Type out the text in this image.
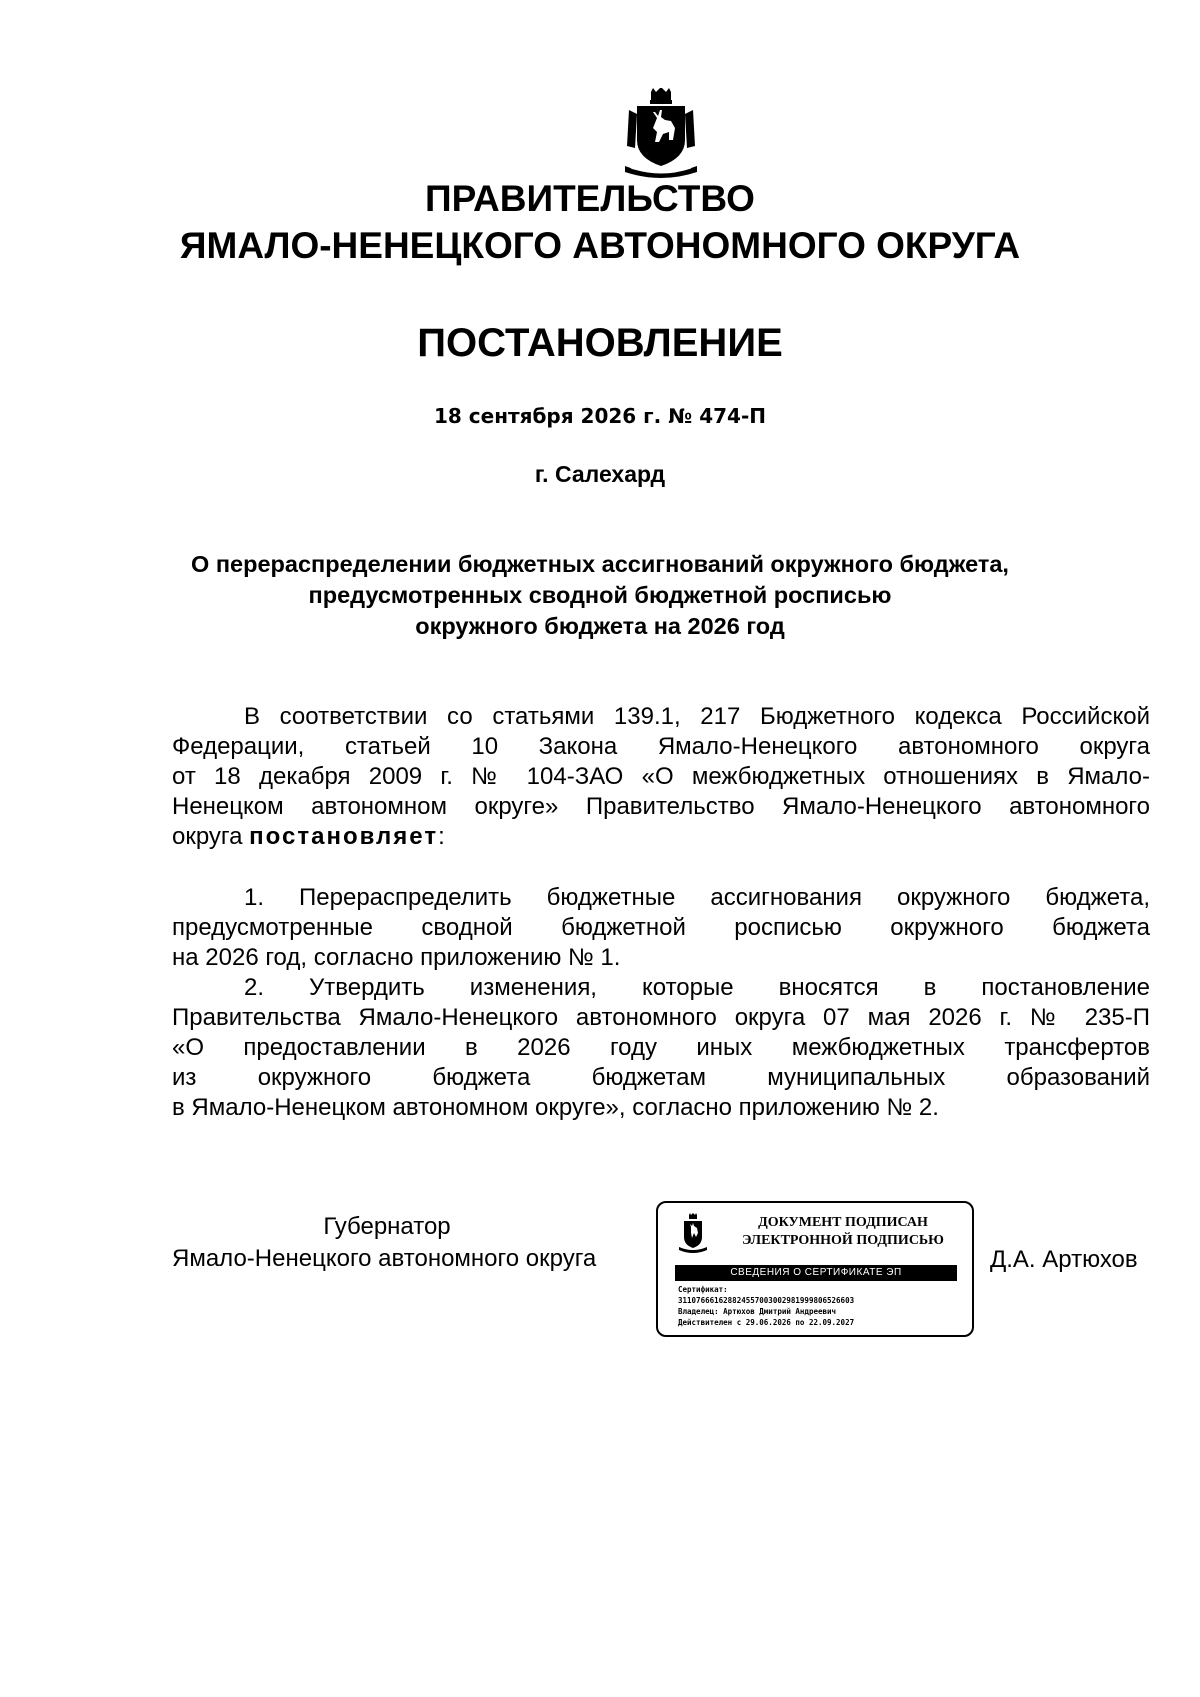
ПРАВИТЕЛЬСТВО
ЯМАЛО-НЕНЕЦКОГО АВТОНОМНОГО ОКРУГА
ПОСТАНОВЛЕНИЕ
18 сентября 2026 г. № 474-П
г. Салехард
О перераспределении бюджетных ассигнований окружного бюджета,
предусмотренных сводной бюджетной росписью
окружного бюджета на 2026 год
В соответствии со статьями 139.1, 217 Бюджетного кодекса Российской
Федерации, статьей 10 Закона Ямало-Ненецкого автономного округа
от 18 декабря 2009 г. № 104-ЗАО «О межбюджетных отношениях в Ямало-
Ненецком автономном округе» Правительство Ямало-Ненецкого автономного
округа постановляет:
1. Перераспределить бюджетные ассигнования окружного бюджета,
предусмотренные сводной бюджетной росписью окружного бюджета
на 2026 год, согласно приложению № 1.
2. Утвердить изменения, которые вносятся в постановление
Правительства Ямало-Ненецкого автономного округа 07 мая 2026 г. № 235-П
«О предоставлении в 2026 году иных межбюджетных трансфертов
из окружного бюджета бюджетам муниципальных образований
в Ямало-Ненецком автономном округе», согласно приложению № 2.
Губернатор
Ямало-Ненецкого автономного округа
ДОКУМЕНТ ПОДПИСАН
ЭЛЕКТРОННОЙ ПОДПИСЬЮ
СВЕДЕНИЯ О СЕРТИФИКАТЕ ЭП
Сертификат:
311076661628824557003002981999806526603
Владелец: Артюхов Дмитрий Андреевич
Действителен с 29.06.2026 по 22.09.2027
Д.А. Артюхов
